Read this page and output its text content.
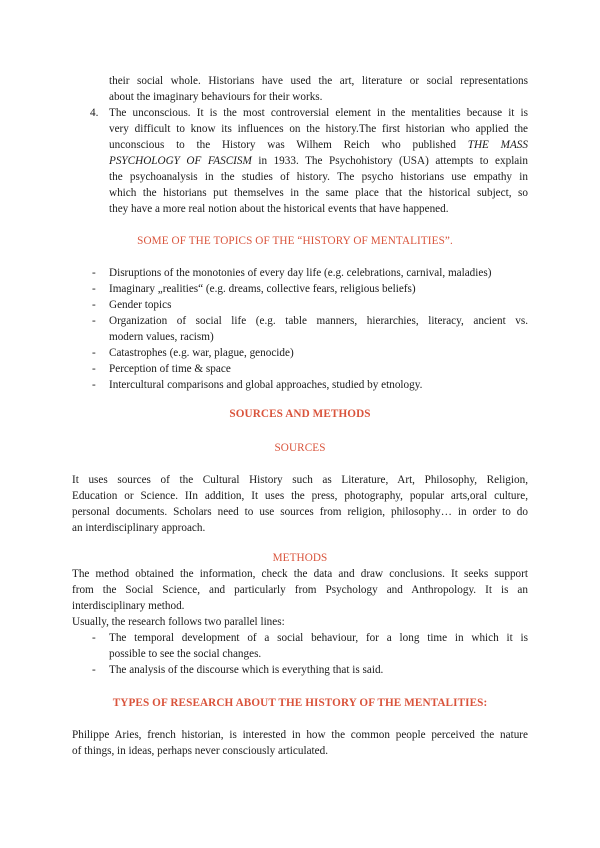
their social whole. Historians have used the art, literature or social representations
about the imaginary behaviours for their works.
4. The unconscious. It is the most controversial element in the mentalities because it is
very difficult to know its influences on the history.The first historian who applied the
unconscious to the History was Wilhem Reich who published THE MASS
PSYCHOLOGY OF FASCISM in 1933. The Psychohistory (USA) attempts to explain
the psychoanalysis in the studies of history. The psycho historians use empathy in
which the historians put themselves in the same place that the historical subject, so
they have a more real notion about the historical events that have happened.
SOME OF THE TOPICS OF THE “HISTORY OF MENTALITIES”.
- Disruptions of the monotonies of every day life (e.g. celebrations, carnival, maladies)
- Imaginary „realities“ (e.g. dreams, collective fears, religious beliefs)
- Gender topics
- Organization of social life (e.g. table manners, hierarchies, literacy, ancient vs.
modern values, racism)
- Catastrophes (e.g. war, plague, genocide)
- Perception of time & space
- Intercultural comparisons and global approaches, studied by etnology.
SOURCES AND METHODS
SOURCES
It uses sources of the Cultural History such as Literature, Art, Philosophy, Religion,
Education or Science. IIn addition, It uses the press, photography, popular arts,oral culture,
personal documents. Scholars need to use sources from religion, philosophy… in order to do
an interdisciplinary approach.
METHODS
The method obtained the information, check the data and draw conclusions. It seeks support
from the Social Science, and particularly from Psychology and Anthropology. It is an
interdisciplinary method.
Usually, the research follows two parallel lines:
- The temporal development of a social behaviour, for a long time in which it is
possible to see the social changes.
- The analysis of the discourse which is everything that is said.
TYPES OF RESEARCH ABOUT THE HISTORY OF THE MENTALITIES:
Philippe Aries, french historian, is interested in how the common people perceived the nature
of things, in ideas, perhaps never consciously articulated.
